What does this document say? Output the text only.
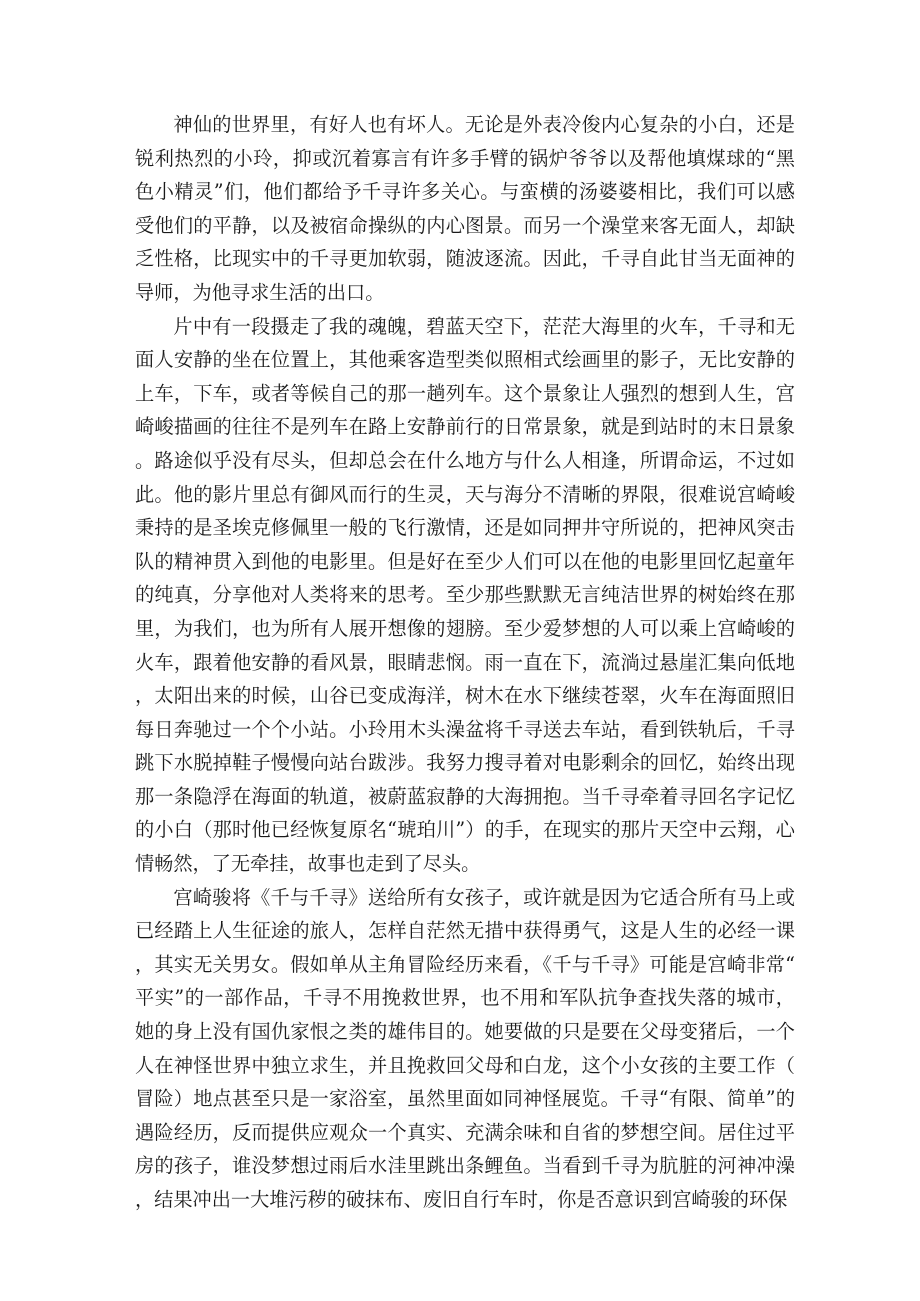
神仙的世界里，有好人也有坏人。无论是外表冷俊内心复杂的小白，还是锐利热烈的小玲，抑或沉着寡言有许多手臂的锅炉爷爷以及帮他填煤球的“黑色小精灵”们，他们都给予千寻许多关心。与蛮横的汤婆婆相比，我们可以感受他们的平静，以及被宿命操纵的内心图景。而另一个澡堂来客无面人，却缺乏性格，比现实中的千寻更加软弱，随波逐流。因此，千寻自此甘当无面神的导师，为他寻求生活的出口。

片中有一段摄走了我的魂魄，碧蓝天空下，茫茫大海里的火车，千寻和无面人安静的坐在位置上，其他乘客造型类似照相式绘画里的影子，无比安静的上车，下车，或者等候自己的那一趟列车。这个景象让人强烈的想到人生，宫崎峻描画的往往不是列车在路上安静前行的日常景象，就是到站时的末日景象。路途似乎没有尽头，但却总会在什么地方与什么人相逢，所谓命运，不过如此。他的影片里总有御风而行的生灵，天与海分不清晰的界限，很难说宫崎峻秉持的是圣埃克修佩里一般的飞行激情，还是如同押井守所说的，把神风突击队的精神贯入到他的电影里。但是好在至少人们可以在他的电影里回忆起童年的纯真，分享他对人类将来的思考。至少那些默默无言纯洁世界的树始终在那里，为我们，也为所有人展开想像的翅膀。至少爱梦想的人可以乘上宫崎峻的火车，跟着他安静的看风景，眼睛悲悯。雨一直在下，流淌过悬崖汇集向低地，太阳出来的时候，山谷已变成海洋，树木在水下继续苍翠，火车在海面照旧每日奔驰过一个个小站。小玲用木头澡盆将千寻送去车站，看到铁轨后，千寻跳下水脱掉鞋子慢慢向站台跋涉。我努力搜寻着对电影剩余的回忆，始终出现那一条隐浮在海面的轨道，被蔚蓝寂静的大海拥抱。当千寻牵着寻回名字记忆的小白（那时他已经恢复原名“琥珀川”）的手，在现实的那片天空中云翔，心情畅然，了无牵挂，故事也走到了尽头。

宫崎骏将《千与千寻》送给所有女孩子，或许就是因为它适合所有马上或已经踏上人生征途的旅人，怎样自茫然无措中获得勇气，这是人生的必经一课，其实无关男女。假如单从主角冒险经历来看，《千与千寻》可能是宫崎非常“平实”的一部作品，千寻不用挽救世界，也不用和军队抗争查找失落的城市，她的身上没有国仇家恨之类的雄伟目的。她要做的只是要在父母变猪后，一个人在神怪世界中独立求生，并且挽救回父母和白龙，这个小女孩的主要工作（冒险）地点甚至只是一家浴室，虽然里面如同神怪展览。千寻“有限、简单”的遇险经历，反而提供应观众一个真实、充满余味和自省的梦想空间。居住过平房的孩子，谁没梦想过雨后水洼里跳出条鲤鱼。当看到千寻为肮脏的河神冲澡，结果冲出一大堆污秽的破抹布、废旧自行车时，你是否意识到宫崎骏的环保
